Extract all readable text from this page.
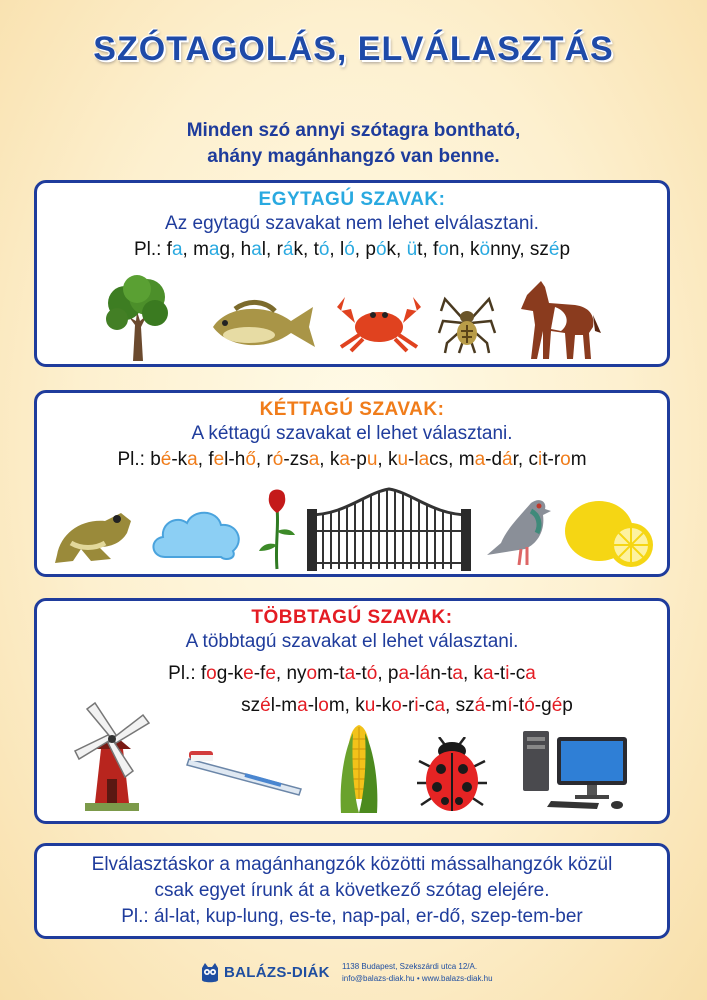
SZÓTAGOLÁS, ELVÁLASZTÁS
Minden szó annyi szótagra bontható,
ahány magánhangzó van benne.
EGYTAGÚ SZAVAK:
Az egytagú szavakat nem lehet elválasztani.
Pl.: fa, mag, hal, rák, tó, ló, pók, üt, fon, könny, szép
KÉTTAGÚ SZAVAK:
A kéttagú szavakat el lehet választani.
Pl.: bé-ka, fel-hő, ró-zsa, ka-pu, ku-lacs, ma-dár, cit-rom
TÖBBTAGÚ SZAVAK:
A többtagú szavakat el lehet választani.
Pl.: fog-ke-fe, nyom-ta-tó, pa-lán-ta, ka-ti-ca
szél-ma-lom, ku-ko-ri-ca, szá-mí-tó-gép
Elválasztáskor a magánhangzók közötti mássalhangzók közül
csak egyet írunk át a következő szótag elejére.
Pl.: ál-lat, kup-lung, es-te, nap-pal, er-dő, szep-tem-ber
BALÁZS-DIÁK 1138 Budapest, Szekszárdi utca 12/A.
info@balazs-diak.hu • www.balazs-diak.hu
